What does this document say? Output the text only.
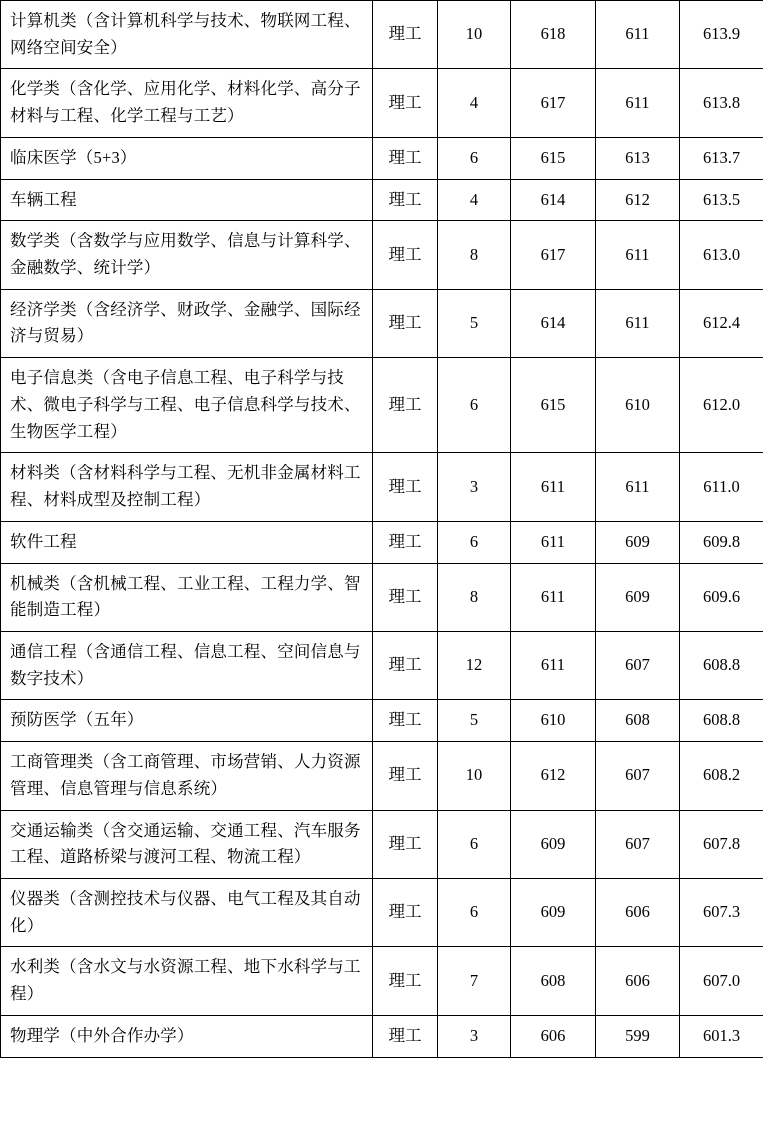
计算机类（含计算机科学与技术、物联网工程、网络空间安全）	理工	10	618	611	613.9
化学类（含化学、应用化学、材料化学、高分子材料与工程、化学工程与工艺）	理工	4	617	611	613.8
临床医学（5+3）	理工	6	615	613	613.7
车辆工程	理工	4	614	612	613.5
数学类（含数学与应用数学、信息与计算科学、金融数学、统计学）	理工	8	617	611	613.0
经济学类（含经济学、财政学、金融学、国际经济与贸易）	理工	5	614	611	612.4
电子信息类（含电子信息工程、电子科学与技术、微电子科学与工程、电子信息科学与技术、生物医学工程）	理工	6	615	610	612.0
材料类（含材料科学与工程、无机非金属材料工程、材料成型及控制工程）	理工	3	611	611	611.0
软件工程	理工	6	611	609	609.8
机械类（含机械工程、工业工程、工程力学、智能制造工程）	理工	8	611	609	609.6
通信工程（含通信工程、信息工程、空间信息与数字技术）	理工	12	611	607	608.8
预防医学（五年）	理工	5	610	608	608.8
工商管理类（含工商管理、市场营销、人力资源管理、信息管理与信息系统）	理工	10	612	607	608.2
交通运输类（含交通运输、交通工程、汽车服务工程、道路桥梁与渡河工程、物流工程）	理工	6	609	607	607.8
仪器类（含测控技术与仪器、电气工程及其自动化）	理工	6	609	606	607.3
水利类（含水文与水资源工程、地下水科学与工程）	理工	7	608	606	607.0
物理学（中外合作办学）	理工	3	606	599	601.3
